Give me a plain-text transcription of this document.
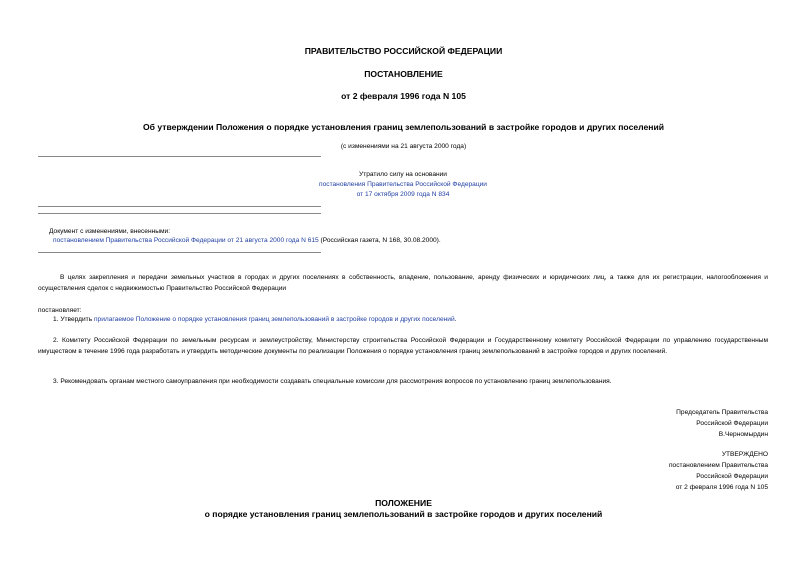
ПРАВИТЕЛЬСТВО РОССИЙСКОЙ ФЕДЕРАЦИИ
ПОСТАНОВЛЕНИЕ
от 2 февраля 1996 года N 105
Об утверждении Положения о порядке установления границ землепользований в застройке городов и других поселений
(с изменениями на 21 августа 2000 года)
Утратило силу на основании
постановления Правительства Российской Федерации
от 17 октября 2009 года N 834
Документ с изменениями, внесенными:
постановлением Правительства Российской Федерации от 21 августа 2000 года N 615 (Российская газета, N 168, 30.08.2000).
В целях закрепления и передачи земельных участков в городах и других поселениях в собственность, владение, пользование, аренду физических и юридических лиц, а также для их регистрации, налогообложения и осуществления сделок с недвижимостью Правительство Российской Федерации
постановляет:
1. Утвердить прилагаемое Положение о порядке установления границ землепользований в застройке городов и других поселений.
2. Комитету Российской Федерации по земельным ресурсам и землеустройству, Министерству строительства Российской Федерации и Государственному комитету Российской Федерации по управлению государственным имуществом в течение 1996 года разработать и утвердить методические документы по реализации Положения о порядке установления границ землепользований в застройке городов и других поселений.
3. Рекомендовать органам местного самоуправления при необходимости создавать специальные комиссии для рассмотрения вопросов по установлению границ землепользования.
Председатель Правительства
Российской Федерации
В.Черномырдин
УТВЕРЖДЕНО
постановлением Правительства
Российской Федерации
от 2 февраля 1996 года N 105
ПОЛОЖЕНИЕ
о порядке установления границ землепользований в застройке городов и других поселений
